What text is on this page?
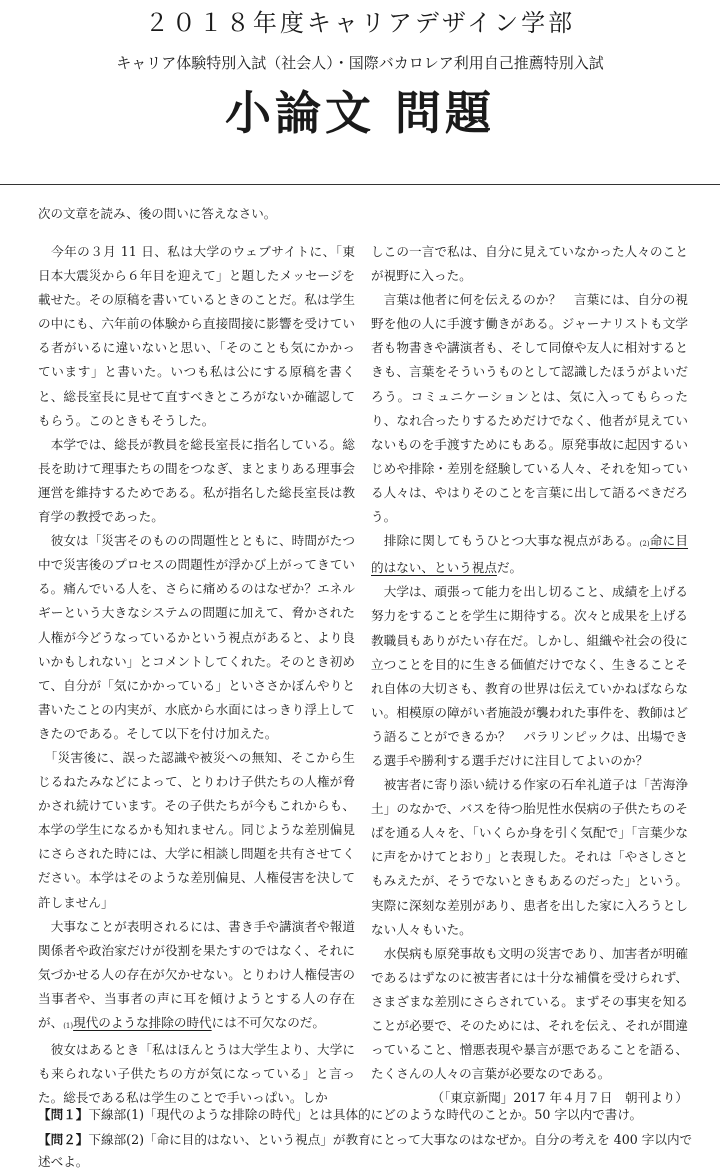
２０１８年度キャリアデザイン学部
キャリア体験特別入試（社会人）・国際バカロレア利用自己推薦特別入試
小論文 問題
次の文章を読み、後の問いに答えなさい。

　今年の３月 11 日、私は大学のウェブサイトに、「東日本大震災から６年目を迎えて」と題したメッセージを載せた。その原稿を書いているときのことだ。私は学生の中にも、六年前の体験から直接間接に影響を受けている者がいるに違いないと思い、「そのことも気にかかっています」と書いた。いつも私は公にする原稿を書くと、総長室長に見せて直すべきところがないか確認してもらう。このときもそうした。

　本学では、総長が教員を総長室長に指名している。総長を助けて理事たちの間をつなぎ、まとまりある理事会運営を維持するためである。私が指名した総長室長は教育学の教授であった。

　彼女は「災害そのものの問題性とともに、時間がたつ中で災害後のプロセスの問題性が浮かび上がってきている。痛んでいる人を、さらに痛めるのはなぜか？エネルギーという大きなシステムの問題に加えて、脅かされた人権が今どうなっているかという視点があると、より良いかもしれない」とコメントしてくれた。そのとき初めて、自分が「気にかかっている」といささかぼんやりと書いたことの内実が、水底から水面にはっきり浮上してきたのである。そして以下を付け加えた。

　「災害後に、誤った認識や被災への無知、そこから生じるねたみなどによって、とりわけ子供たちの人権が脅かされ続けています。その子供たちが今もこれからも、本学の学生になるかも知れません。同じような差別偏見にさらされた時には、大学に相談し問題を共有させてください。本学はそのような差別偏見、人権侵害を決して許しません」

　大事なことが表明されるには、書き手や講演者や報道関係者や政治家だけが役割を果たすのではなく、それに気づかせる人の存在が欠かせない。とりわけ人権侵害の当事者や、当事者の声に耳を傾けようとする人の存在が、(1)現代のような排除の時代には不可欠なのだ。

　彼女はあるとき「私はほんとうは大学生より、大学にも来られない子供たちの方が気になっている」と言った。総長である私は学生のことで手いっぱい。しか

しこの一言で私は、自分に見えていなかった人々のことが視野に入った。

　言葉は他者に何を伝えるのか？　言葉には、自分の視野を他の人に手渡す働きがある。ジャーナリストも文学者も物書きや講演者も、そして同僚や友人に相対するときも、言葉をそういうものとして認識したほうがよいだろう。コミュニケーションとは、気に入ってもらったり、なれ合ったりするためだけでなく、他者が見えていないものを手渡すためにもある。原発事故に起因するいじめや排除・差別を経験している人々、それを知っている人々は、やはりそのことを言葉に出して語るべきだろう。

　排除に関してもうひとつ大事な視点がある。(2)命に目的はない、という視点だ。

　大学は、頑張って能力を出し切ること、成績を上げる努力をすることを学生に期待する。次々と成果を上げる教職員もありがたい存在だ。しかし、組織や社会の役に立つことを目的に生きる価値だけでなく、生きることそれ自体の大切さも、教育の世界は伝えていかねばならない。相模原の障がい者施設が襲われた事件を、教師はどう語ることができるか？　パラリンピックは、出場できる選手や勝利する選手だけに注目してよいのか？

　被害者に寄り添い続ける作家の石牟礼道子は「苦海浄土」のなかで、バスを待つ胎児性水俣病の子供たちのそばを通る人々を、「いくらか身を引く気配で」「言葉少なに声をかけてとおり」と表現した。それは「やさしさともみえたが、そうでないときもあるのだった」という。実際に深刻な差別があり、患者を出した家に入ろうとしない人々もいた。

　水俣病も原発事故も文明の災害であり、加害者が明確であるはずなのに被害者には十分な補償を受けられず、さまざまな差別にさらされている。まずその事実を知ることが必要で、そのためには、それを伝え、それが間違っていること、憎悪表現や暴言が悪であることを語る、たくさんの人々の言葉が必要なのである。

（「東京新聞」2017 年４月７日　朝刊より）

【問１】下線部(1)「現代のような排除の時代」とは具体的にどのような時代のことか。50 字以内で書け。
【問２】下線部(2)「命に目的はない、という視点」が教育にとって大事なのはなぜか。自分の考えを 400 字以内で述べよ。
